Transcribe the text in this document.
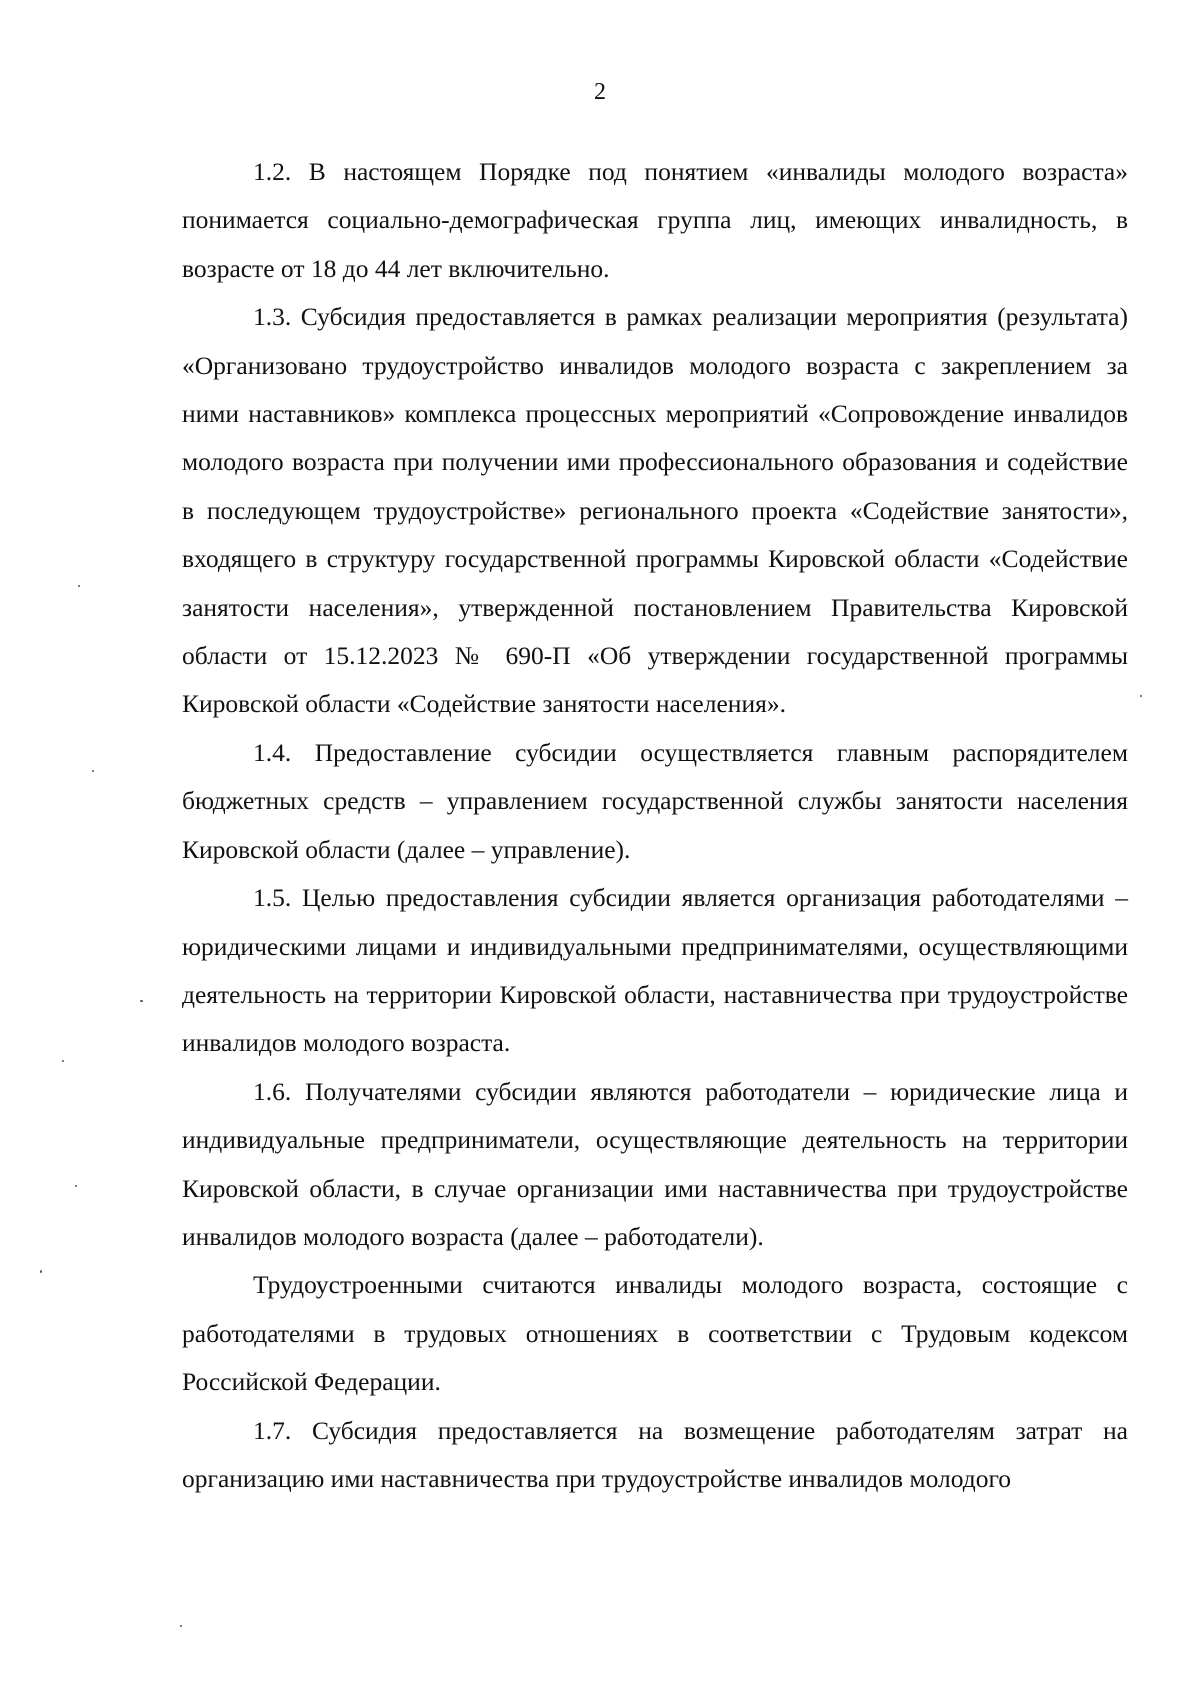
2

1.2. В настоящем Порядке под понятием «инвалиды молодого возраста» понимается социально-демографическая группа лиц, имеющих инвалидность, в возрасте от 18 до 44 лет включительно.

1.3. Субсидия предоставляется в рамках реализации мероприятия (результата) «Организовано трудоустройство инвалидов молодого возраста с закреплением за ними наставников» комплекса процессных мероприятий «Сопровождение инвалидов молодого возраста при получении ими профессионального образования и содействие в последующем трудоустройстве» регионального проекта «Содействие занятости», входящего в структуру государственной программы Кировской области «Содействие занятости населения», утвержденной постановлением Правительства Кировской области от 15.12.2023 № 690-П «Об утверждении государственной программы Кировской области «Содействие занятости населения».

1.4. Предоставление субсидии осуществляется главным распорядителем бюджетных средств – управлением государственной службы занятости населения Кировской области (далее – управление).

1.5. Целью предоставления субсидии является организация работодателями – юридическими лицами и индивидуальными предпринимателями, осуществляющими деятельность на территории Кировской области, наставничества при трудоустройстве инвалидов молодого возраста.

1.6. Получателями субсидии являются работодатели – юридические лица и индивидуальные предприниматели, осуществляющие деятельность на территории Кировской области, в случае организации ими наставничества при трудоустройстве инвалидов молодого возраста (далее – работодатели).

Трудоустроенными считаются инвалиды молодого возраста, состоящие с работодателями в трудовых отношениях в соответствии с Трудовым кодексом Российской Федерации.

1.7. Субсидия предоставляется на возмещение работодателям затрат на организацию ими наставничества при трудоустройстве инвалидов молодого
